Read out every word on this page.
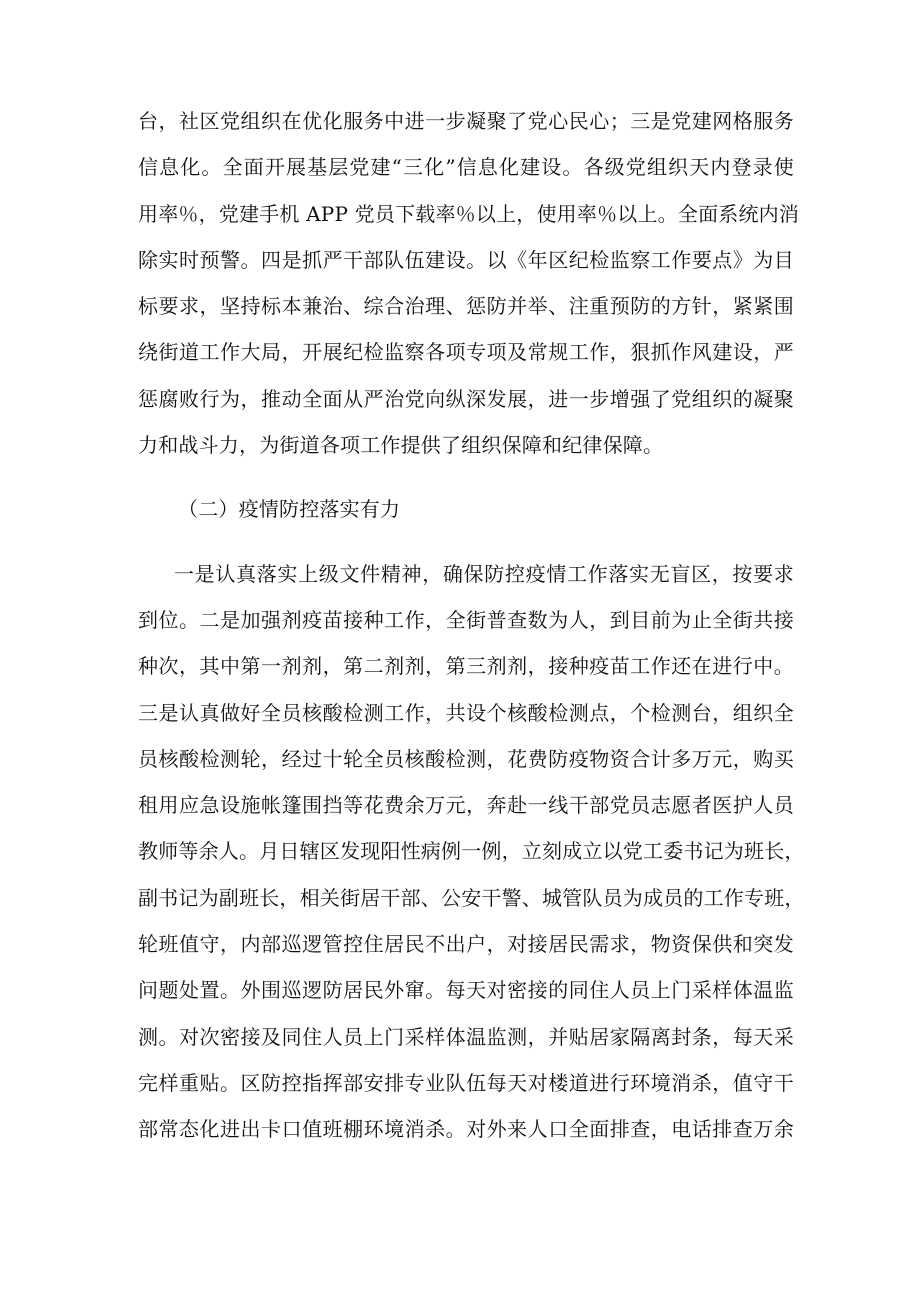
台，社区党组织在优化服务中进一步凝聚了党心民心；三是党建网格服务
信息化。全面开展基层党建“三化”信息化建设。各级党组织天内登录使
用率％，党建手机 APP 党员下载率％以上，使用率％以上。全面系统内消
除实时预警。四是抓严干部队伍建设。以《年区纪检监察工作要点》为目
标要求，坚持标本兼治、综合治理、惩防并举、注重预防的方针，紧紧围
绕街道工作大局，开展纪检监察各项专项及常规工作，狠抓作风建设，严
惩腐败行为，推动全面从严治党向纵深发展，进一步增强了党组织的凝聚
力和战斗力，为街道各项工作提供了组织保障和纪律保障。
（二）疫情防控落实有力
一是认真落实上级文件精神，确保防控疫情工作落实无盲区，按要求
到位。二是加强剂疫苗接种工作，全街普查数为人，到目前为止全街共接
种次，其中第一剂剂，第二剂剂，第三剂剂，接种疫苗工作还在进行中。
三是认真做好全员核酸检测工作，共设个核酸检测点，个检测台，组织全
员核酸检测轮，经过十轮全员核酸检测，花费防疫物资合计多万元，购买
租用应急设施帐篷围挡等花费余万元，奔赴一线干部党员志愿者医护人员
教师等余人。月日辖区发现阳性病例一例，立刻成立以党工委书记为班长，
副书记为副班长，相关街居干部、公安干警、城管队员为成员的工作专班，
轮班值守，内部巡逻管控住居民不出户，对接居民需求，物资保供和突发
问题处置。外围巡逻防居民外窜。每天对密接的同住人员上门采样体温监
测。对次密接及同住人员上门采样体温监测，并贴居家隔离封条，每天采
完样重贴。区防控指挥部安排专业队伍每天对楼道进行环境消杀，值守干
部常态化进出卡口值班棚环境消杀。对外来人口全面排查，电话排查万余
